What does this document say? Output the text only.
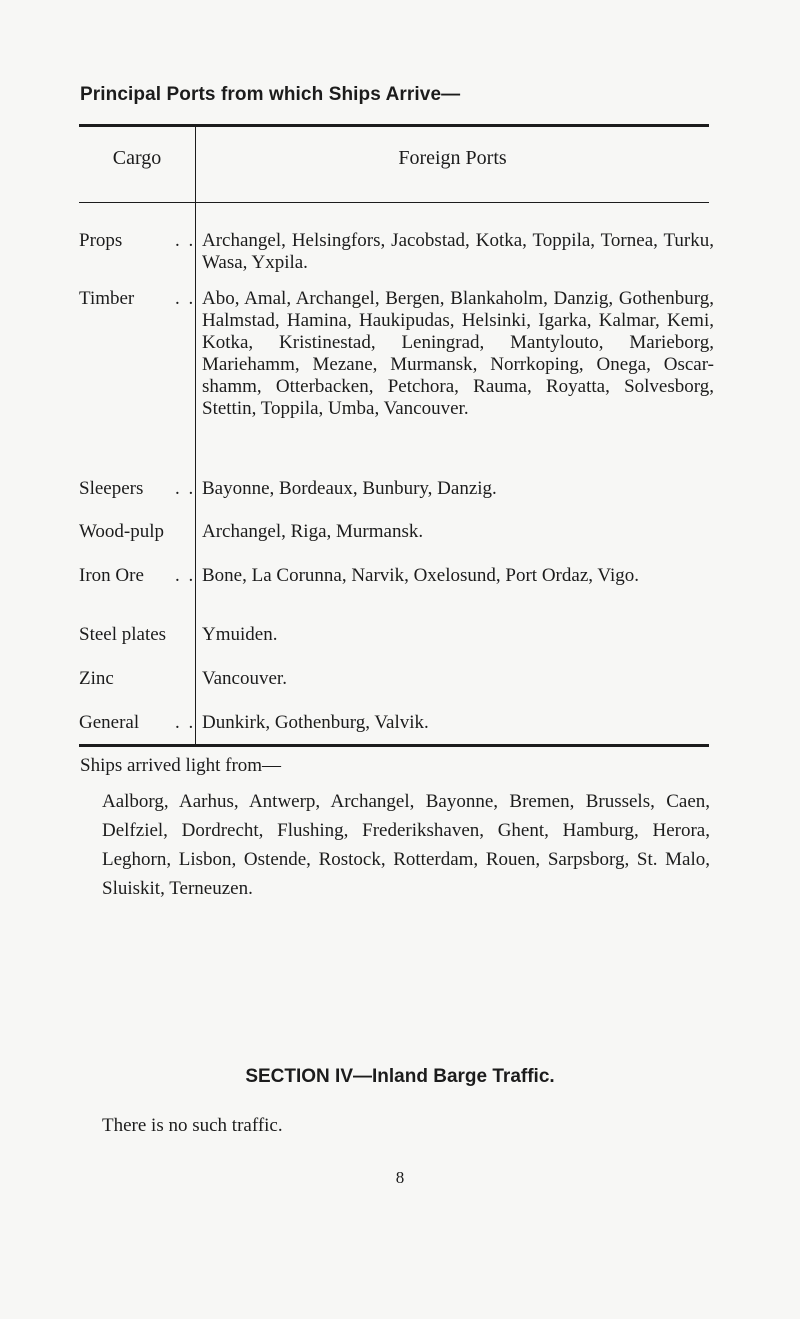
Principal Ports from which Ships Arrive—
Cargo	Foreign Ports
Props	. . Archangel, Helsingfors, Jacobstad, Kotka, Toppila, Tornea, Turku, Wasa, Yxpila.
Timber	. . Abo, Amal, Archangel, Bergen, Blankaholm, Danzig, Gothenburg, Halmstad, Hamina, Haukipudas, Helsinki, Igarka, Kalmar, Kemi, Kotka, Kristinestad, Leningrad, Mantylouto, Marieborg, Mariehamm, Mezane, Murmansk, Norrkoping, Onega, Oscar-shamm, Otterbacken, Petchora, Rauma, Royatta, Solvesborg, Stettin, Toppila, Umba, Vancouver.
Sleepers	. . Bayonne, Bordeaux, Bunbury, Danzig.
Wood-pulp	Archangel, Riga, Murmansk.
Iron Ore	. . Bone, La Corunna, Narvik, Oxelosund, Port Ordaz, Vigo.
Steel plates	Ymuiden.
Zinc	Vancouver.
General	. . Dunkirk, Gothenburg, Valvik.
Ships arrived light from—
Aalborg, Aarhus, Antwerp, Archangel, Bayonne, Bremen, Brussels, Caen, Delfziel, Dordrecht, Flushing, Frederikshaven, Ghent, Hamburg, Herora, Leghorn, Lisbon, Ostende, Rostock, Rotterdam, Rouen, Sarpsborg, St. Malo, Sluiskit, Terneuzen.
SECTION IV—Inland Barge Traffic.
There is no such traffic.
8
